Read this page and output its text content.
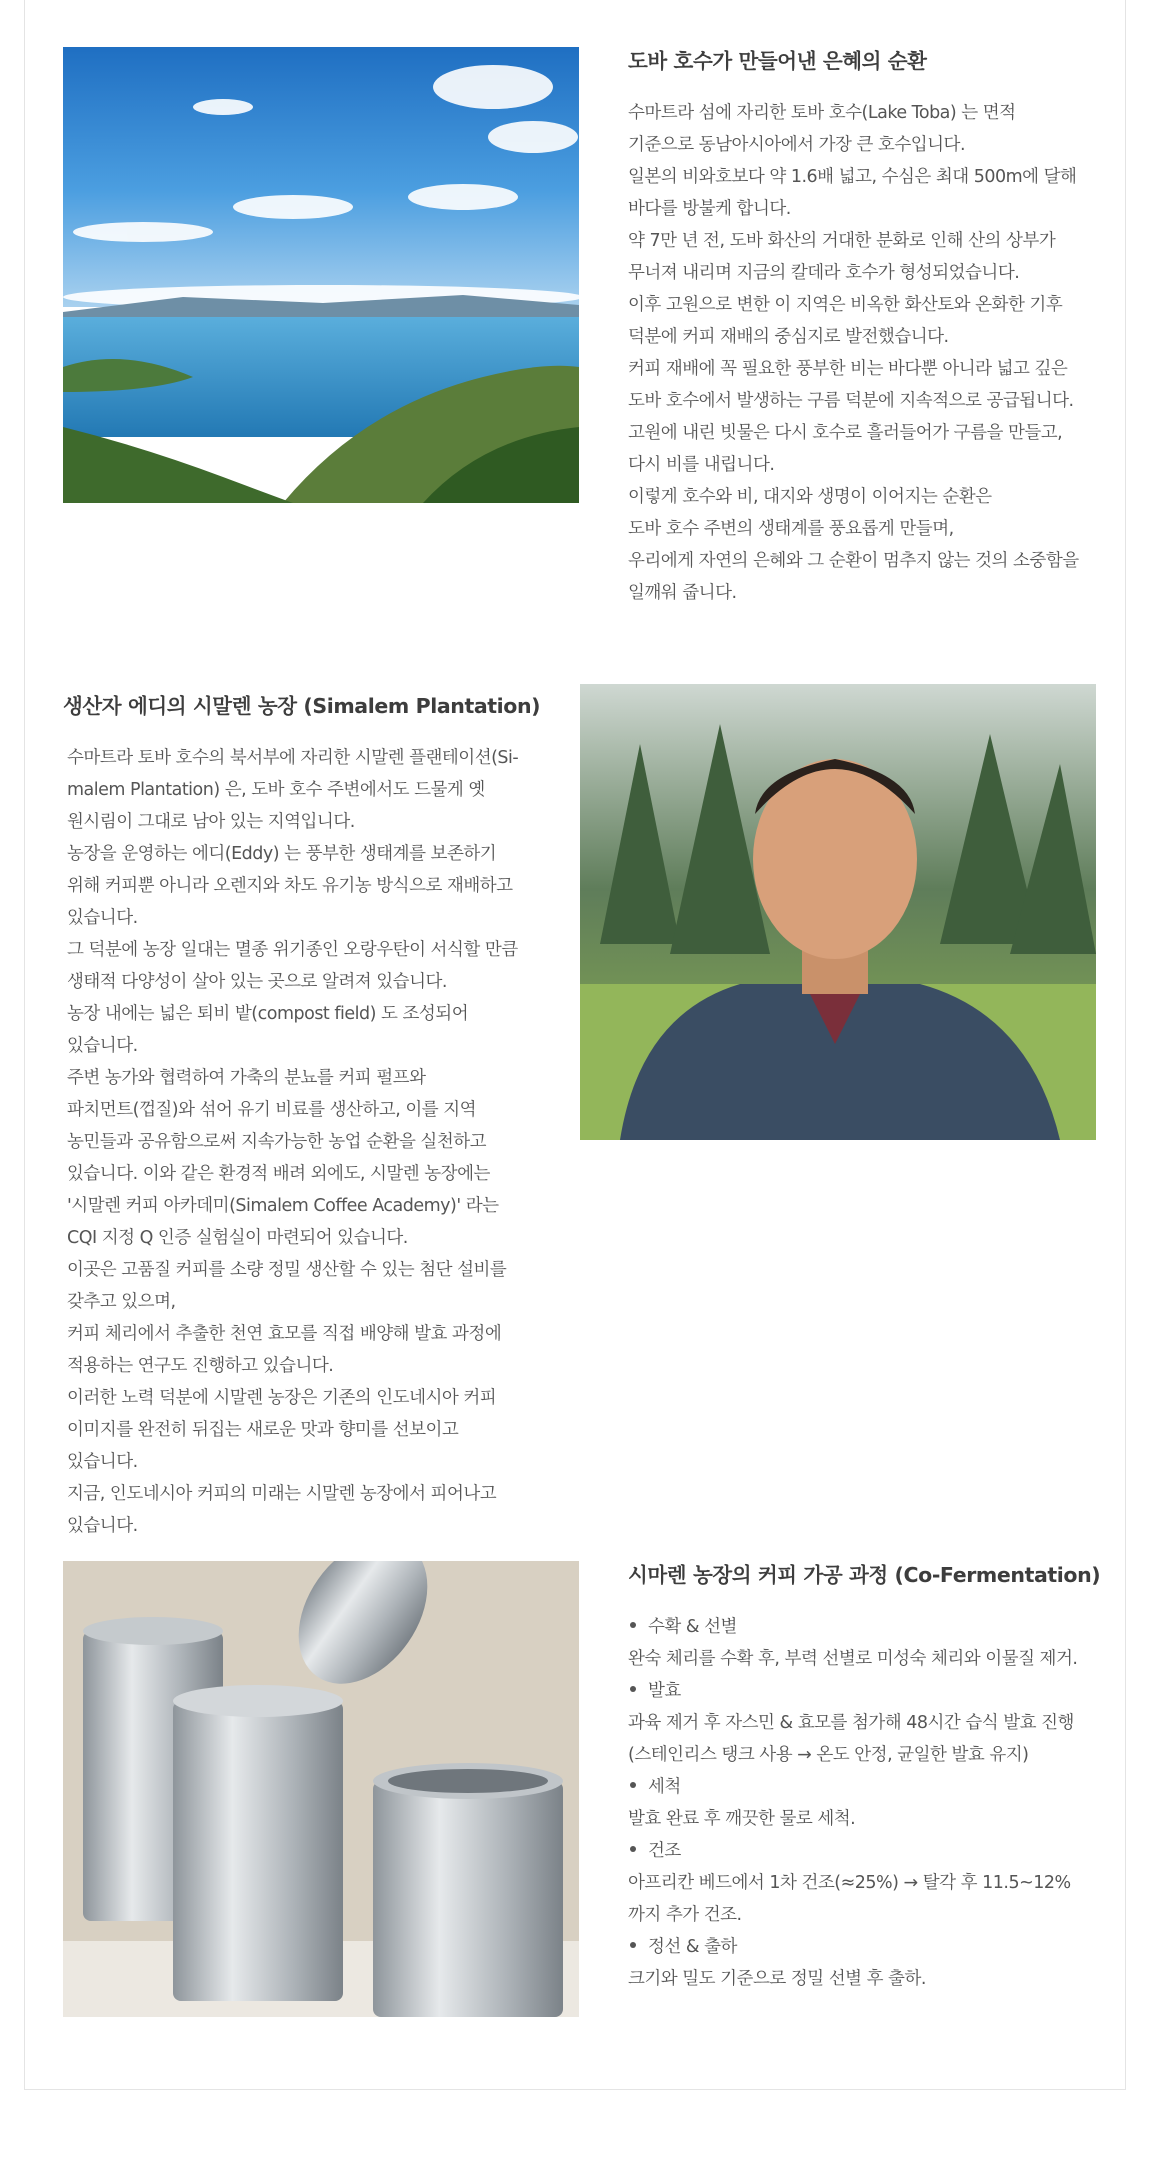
도바 호수가 만들어낸 은혜의 순환
수마트라 섬에 자리한 토바 호수(Lake Toba) 는 면적
기준으로 동남아시아에서 가장 큰 호수입니다.
일본의 비와호보다 약 1.6배 넓고, 수심은 최대 500m에 달해
바다를 방불케 합니다.
약 7만 년 전, 도바 화산의 거대한 분화로 인해 산의 상부가
무너져 내리며 지금의 칼데라 호수가 형성되었습니다.
이후 고원으로 변한 이 지역은 비옥한 화산토와 온화한 기후
덕분에 커피 재배의 중심지로 발전했습니다.
커피 재배에 꼭 필요한 풍부한 비는 바다뿐 아니라 넓고 깊은
도바 호수에서 발생하는 구름 덕분에 지속적으로 공급됩니다.
고원에 내린 빗물은 다시 호수로 흘러들어가 구름을 만들고,
다시 비를 내립니다.
이렇게 호수와 비, 대지와 생명이 이어지는 순환은
도바 호수 주변의 생태계를 풍요롭게 만들며,
우리에게 자연의 은혜와 그 순환이 멈추지 않는 것의 소중함을
일깨워 줍니다.
생산자 에디의 시말렌 농장 (Simalem Plantation)
수마트라 토바 호수의 북서부에 자리한 시말렌 플랜테이션(Si-
malem Plantation) 은, 도바 호수 주변에서도 드물게 옛
원시림이 그대로 남아 있는 지역입니다.
농장을 운영하는 에디(Eddy) 는 풍부한 생태계를 보존하기
위해 커피뿐 아니라 오렌지와 차도 유기농 방식으로 재배하고
있습니다.
그 덕분에 농장 일대는 멸종 위기종인 오랑우탄이 서식할 만큼
생태적 다양성이 살아 있는 곳으로 알려져 있습니다.
농장 내에는 넓은 퇴비 밭(compost field) 도 조성되어
있습니다.
주변 농가와 협력하여 가축의 분뇨를 커피 펄프와
파치먼트(껍질)와 섞어 유기 비료를 생산하고, 이를 지역
농민들과 공유함으로써 지속가능한 농업 순환을 실천하고
있습니다. 이와 같은 환경적 배려 외에도, 시말렌 농장에는
'시말렌 커피 아카데미(Simalem Coffee Academy)' 라는
CQI 지정 Q 인증 실험실이 마련되어 있습니다.
이곳은 고품질 커피를 소량 정밀 생산할 수 있는 첨단 설비를
갖추고 있으며,
커피 체리에서 추출한 천연 효모를 직접 배양해 발효 과정에
적용하는 연구도 진행하고 있습니다.
이러한 노력 덕분에 시말렌 농장은 기존의 인도네시아 커피
이미지를 완전히 뒤집는 새로운 맛과 향미를 선보이고
있습니다.
지금, 인도네시아 커피의 미래는 시말렌 농장에서 피어나고
있습니다.
시마렌 농장의 커피 가공 과정 (Co-Fermentation)
수확 & 선별
완숙 체리를 수확 후, 부력 선별로 미성숙 체리와 이물질 제거.
발효
과육 제거 후 자스민 & 효모를 첨가해 48시간 습식 발효 진행
(스테인리스 탱크 사용 → 온도 안정, 균일한 발효 유지)
세척
발효 완료 후 깨끗한 물로 세척.
건조
아프리칸 베드에서 1차 건조(≈25%) → 탈각 후 11.5~12%
까지 추가 건조.
정선 & 출하
크기와 밀도 기준으로 정밀 선별 후 출하.
